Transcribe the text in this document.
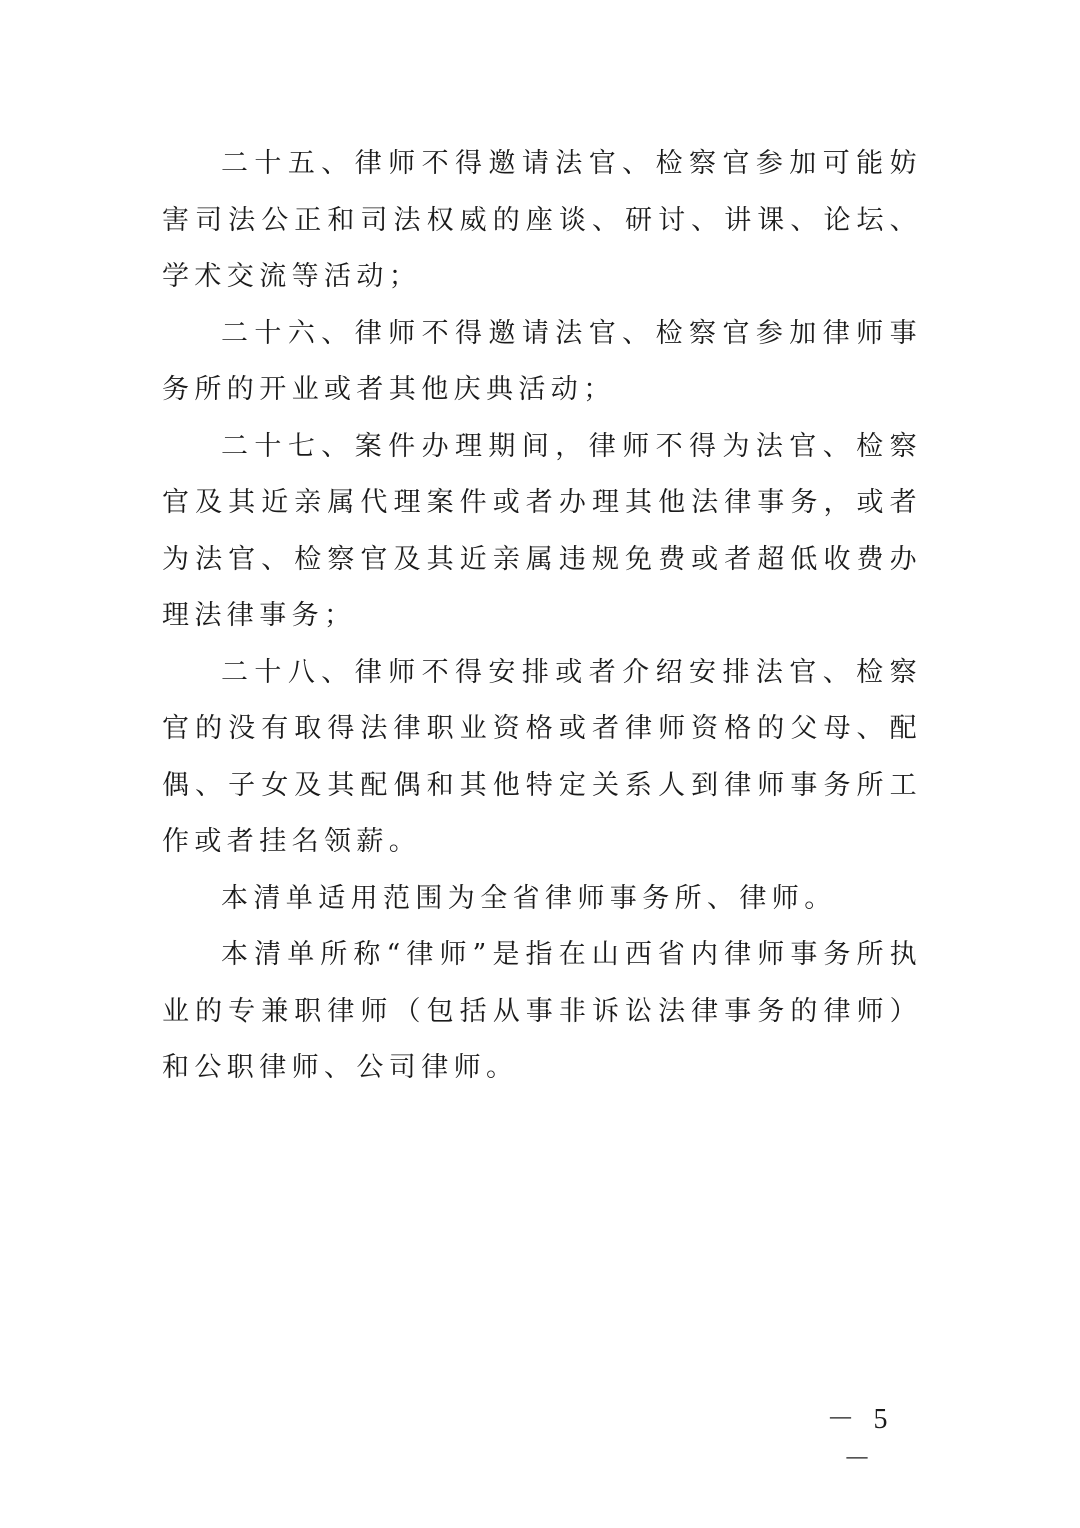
二十五、律师不得邀请法官、检察官参加可能妨害司法公正和司法权威的座谈、研讨、讲课、论坛、学术交流等活动；

二十六、律师不得邀请法官、检察官参加律师事务所的开业或者其他庆典活动；

二十七、案件办理期间，律师不得为法官、检察官及其近亲属代理案件或者办理其他法律事务，或者为法官、检察官及其近亲属违规免费或者超低收费办理法律事务；

二十八、律师不得安排或者介绍安排法官、检察官的没有取得法律职业资格或者律师资格的父母、配偶、子女及其配偶和其他特定关系人到律师事务所工作或者挂名领薪。

本清单适用范围为全省律师事务所、律师。

本清单所称“律师”是指在山西省内律师事务所执业的专兼职律师（包括从事非诉讼法律事务的律师）和公职律师、公司律师。

－ 5 －
